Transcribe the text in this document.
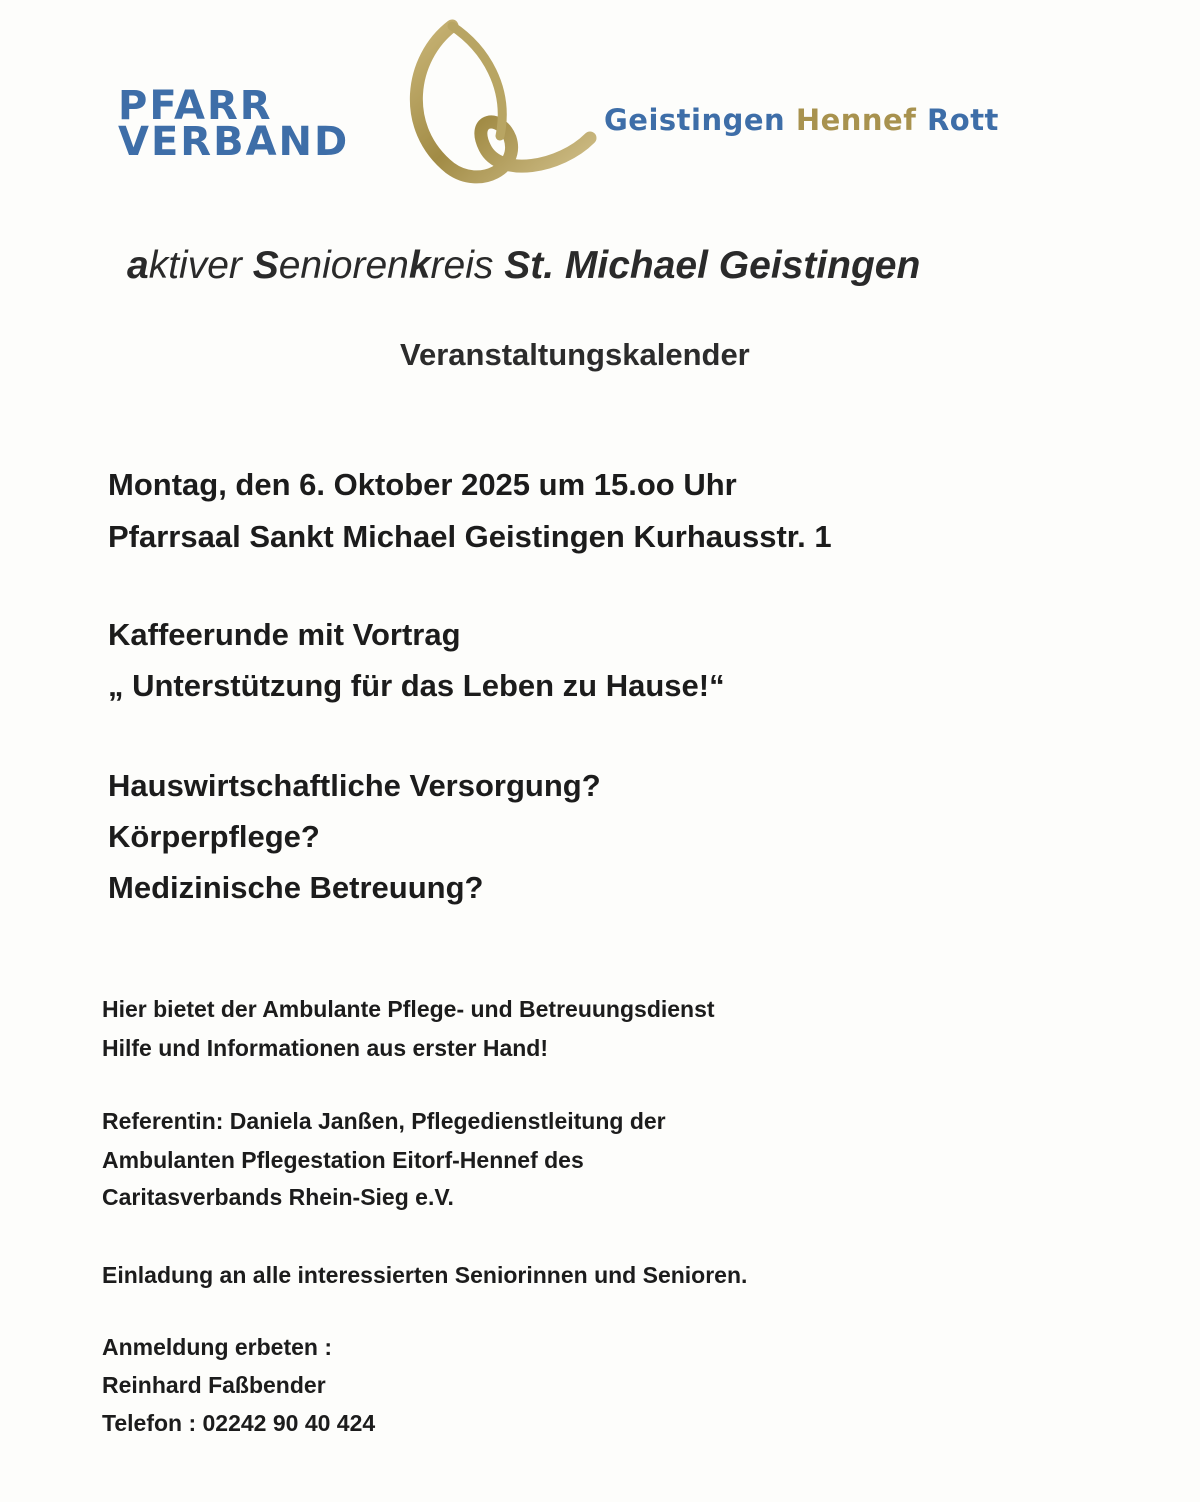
PFARR
VERBAND	Geistingen Hennef Rott
aktiver Seniorenkreis St. Michael Geistingen
Veranstaltungskalender
Montag, den 6. Oktober 2025 um 15.oo Uhr
Pfarrsaal Sankt Michael Geistingen Kurhausstr. 1
Kaffeerunde mit Vortrag
„ Unterstützung für das Leben zu Hause!“
Hauswirtschaftliche Versorgung?
Körperpflege?
Medizinische Betreuung?
Hier bietet der Ambulante Pflege- und Betreuungsdienst
Hilfe und Informationen aus erster Hand!
Referentin: Daniela Janßen, Pflegedienstleitung der
Ambulanten Pflegestation Eitorf-Hennef des
Caritasverbands Rhein-Sieg e.V.
Einladung an alle interessierten Seniorinnen und Senioren.
Anmeldung erbeten :
Reinhard Faßbender
Telefon : 02242 90 40 424
